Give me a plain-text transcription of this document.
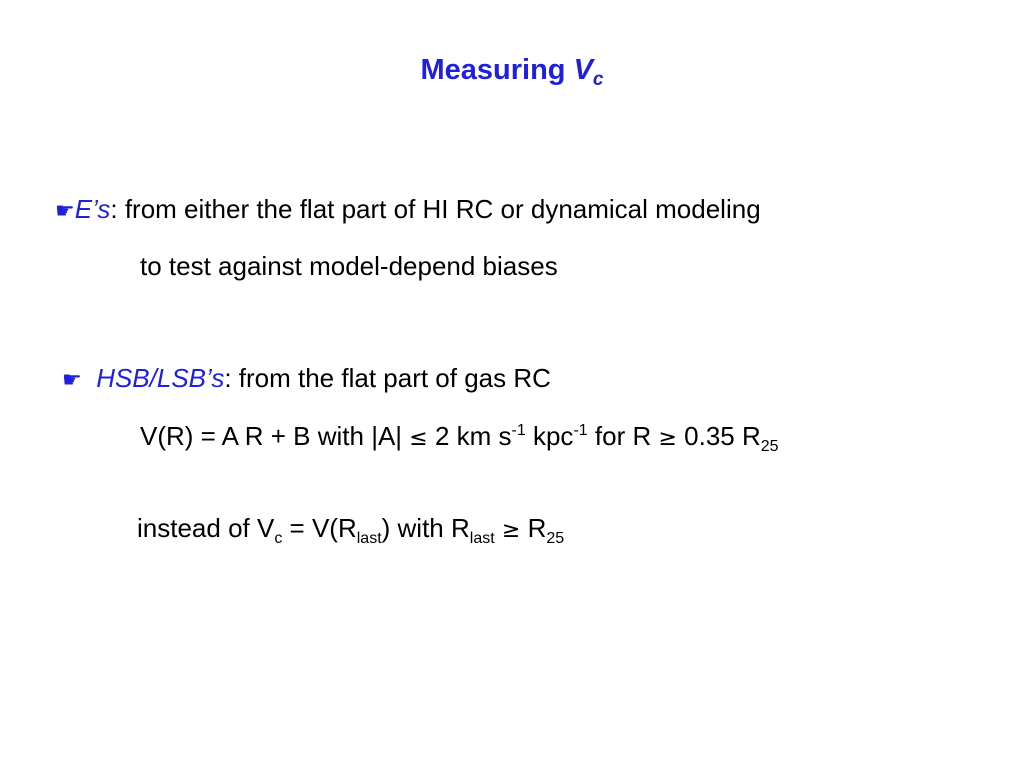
Measuring $V_c$
☛E’s: from either the flat part of HI RC or dynamical modeling
to test against model-depend biases
☛ HSB/LSB’s: from the flat part of gas RC
V(R) = A R + B with |A| ≤ 2 km $s^{-1}$ kpc$^{-1}$ for R ≥ 0.35 $R_{25}$
instead of $V_c = V(R_{last})$ with $R_{last} \ge R_{25}$
